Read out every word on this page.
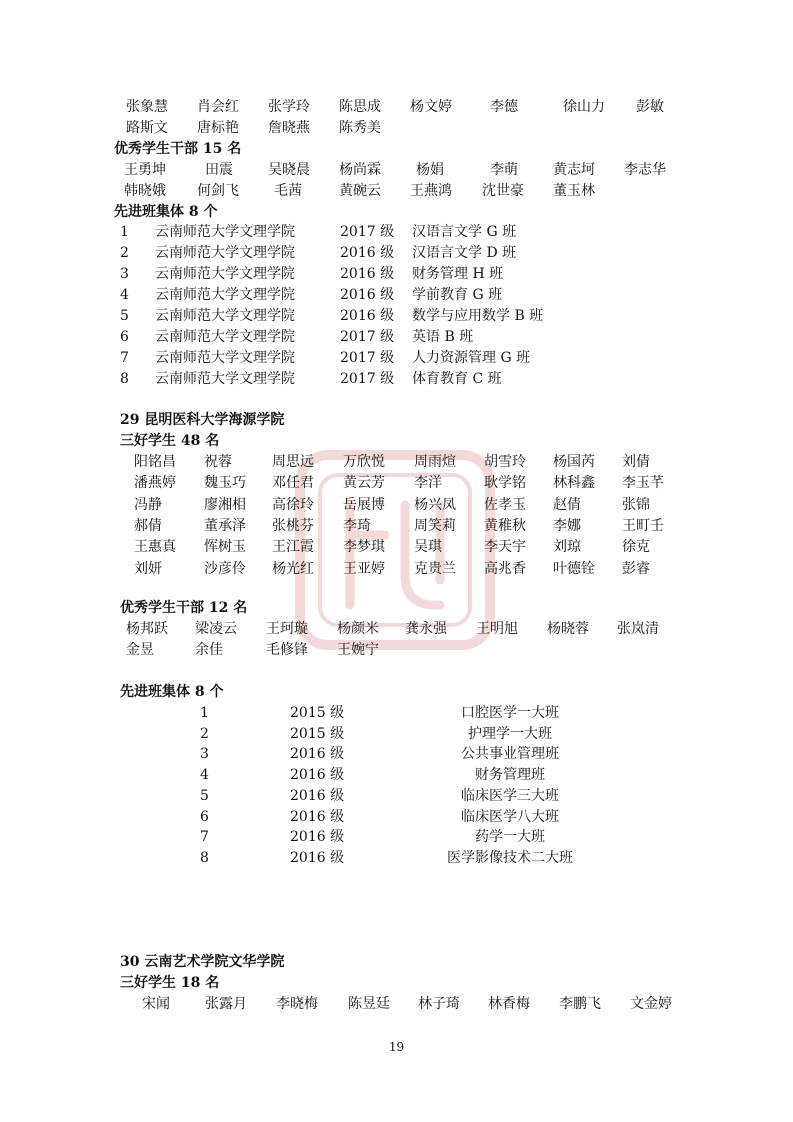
张象慧 肖会红 张学玲 陈思成 杨文婷	李德	徐山力 彭敏
路斯文 唐标艳 詹晓燕 陈秀美
优秀学生干部 15 名
王勇坤	田震	吴晓晨 杨尚霖	杨娟	李萌	黄志坷 李志华
韩晓娥 何剑飞	毛茜	黄碗云 王燕鸿 沈世豪 董玉林
先进班集体 8 个
1 云南师范大学文理学院	2017 级 汉语言文学 G 班
2 云南师范大学文理学院	2016 级 汉语言文学 D 班
3 云南师范大学文理学院	2016 级 财务管理 H 班
4 云南师范大学文理学院	2016 级 学前教育 G 班
5 云南师范大学文理学院	2016 级 数学与应用数学 B 班
6 云南师范大学文理学院	2017 级 英语 B 班
7 云南师范大学文理学院	2017 级 人力资源管理 G 班
8 云南师范大学文理学院	2017 级 体育教育 C 班
29 昆明医科大学海源学院
三好学生 48 名
阳铭昌 祝蓉	周思远 万欣悦 周雨煊 胡雪玲 杨国芮 刘倩
潘燕婷 魏玉巧 邓任君 黄云芳 李洋	耿学铭 林科鑫 李玉芊
冯静	廖湘相 高徐玲 岳展博 杨兴凤 佐孝玉 赵倩	张锦
郝倩	董承泽 张桃芬 李琦	周笑莉 黄稚秋 李娜	王町壬
王惠真 恽树玉 王江霞 李梦琪 吴琪	李天宇 刘琼	徐克
刘妍	沙彦伶 杨光红 王亚婷 克贵兰 高兆香 叶德铨 彭睿
优秀学生干部 12 名
杨邦跃 梁凌云 王珂璇 杨颜米 龚永强 王明旭 杨晓蓉 张岚清
金昱	余佳	毛修锋 王婉宁
先进班集体 8 个
1	2015 级	口腔医学一大班
2	2015 级	护理学一大班
3	2016 级	公共事业管理班
4	2016 级	财务管理班
5	2016 级	临床医学三大班
6	2016 级	临床医学八大班
7	2016 级	药学一大班
8	2016 级	医学影像技术二大班
30 云南艺术学院文华学院
三好学生 18 名
宋闻	张露月 李晓梅 陈昱廷 林子琦 林香梅 李鹏飞 文金婷
19
